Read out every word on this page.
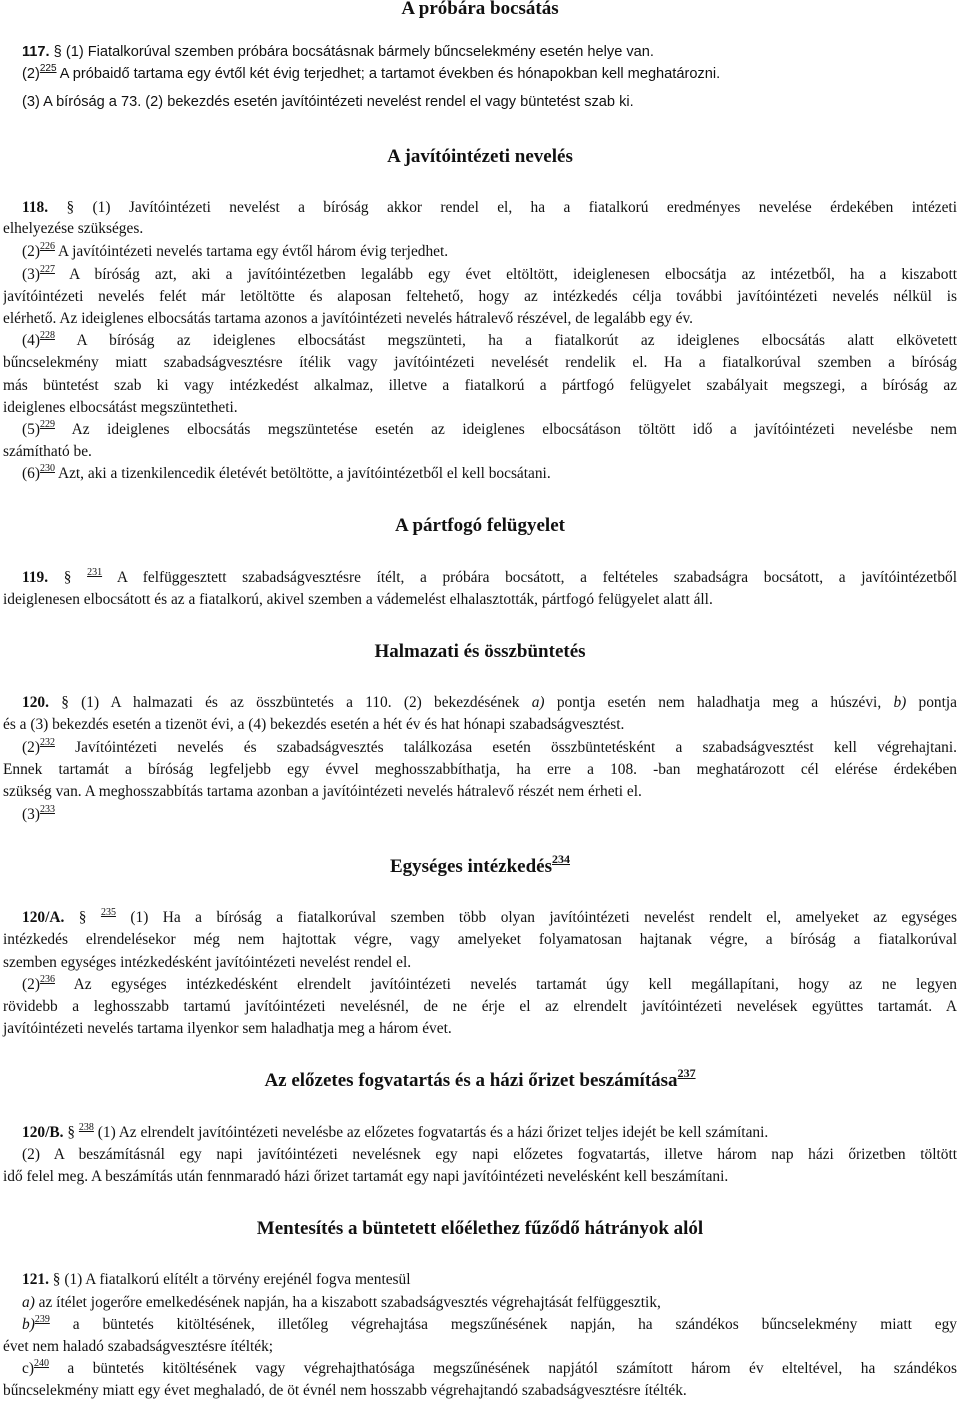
A próbára bocsátás
117. § (1) Fiatalkorúval szemben próbára bocsátásnak bármely bűncselekmény esetén helye van.
$(2)^{225}$ A próbaidő tartama egy évtől két évig terjedhet; a tartamot években és hónapokban kell meghatározni.
(3) A bíróság a 73. (2) bekezdés esetén javítóintézeti nevelést rendel el vagy büntetést szab ki.
A javítóintézeti nevelés
118. § (1) Javítóintézeti nevelést a bíróság akkor rendel el, ha a fiatalkorú eredményes nevelése érdekében intézeti
elhelyezése szükséges.
$(2)^{226}$ A javítóintézeti nevelés tartama egy évtől három évig terjedhet.
$(3)^{227}$ A bíróság azt, aki a javítóintézetben legalább egy évet eltöltött, ideiglenesen elbocsátja az intézetből, ha a kiszabott
javítóintézeti nevelés felét már letöltötte és alaposan feltehető, hogy az intézkedés célja további javítóintézeti nevelés nélkül is
elérhető. Az ideiglenes elbocsátás tartama azonos a javítóintézeti nevelés hátralevő részével, de legalább egy év.
$(4)^{228}$ A bíróság az ideiglenes elbocsátást megszünteti, ha a fiatalkorút az ideiglenes elbocsátás alatt elkövetett
bűncselekmény miatt szabadságvesztésre ítélik vagy javítóintézeti nevelését rendelik el. Ha a fiatalkorúval szemben a bíróság
más büntetést szab ki vagy intézkedést alkalmaz, illetve a fiatalkorú a pártfogó felügyelet szabályait megszegi, a bíróság az
ideiglenes elbocsátást megszüntetheti.
$(5)^{229}$ Az ideiglenes elbocsátás megszüntetése esetén az ideiglenes elbocsátáson töltött idő a javítóintézeti nevelésbe nem
számítható be.
$(6)^{230}$ Azt, aki a tizenkilencedik életévét betöltötte, a javítóintézetből el kell bocsátani.
A pártfogó felügyelet
119. § $^{231}$ A felfüggesztett szabadságvesztésre ítélt, a próbára bocsátott, a feltételes szabadságra bocsátott, a javítóintézetből
ideiglenesen elbocsátott és az a fiatalkorú, akivel szemben a vádemelést elhalasztották, pártfogó felügyelet alatt áll.
Halmazati és összbüntetés
120. § (1) A halmazati és az összbüntetés a 110. (2) bekezdésének a) pontja esetén nem haladhatja meg a húszévi, b) pontja
és a (3) bekezdés esetén a tizenöt évi, a (4) bekezdés esetén a hét év és hat hónapi szabadságvesztést.
$(2)^{232}$ Javítóintézeti nevelés és szabadságvesztés találkozása esetén összbüntetésként a szabadságvesztést kell végrehajtani.
Ennek tartamát a bíróság legfeljebb egy évvel meghosszabbíthatja, ha erre a 108. -ban meghatározott cél elérése érdekében
szükség van. A meghosszabbítás tartama azonban a javítóintézeti nevelés hátralevő részét nem érheti el.
$(3)^{233}$
Egységes intézkedés$^{234}$
120/A. § $^{235}$ (1) Ha a bíróság a fiatalkorúval szemben több olyan javítóintézeti nevelést rendelt el, amelyeket az egységes
intézkedés elrendelésekor még nem hajtottak végre, vagy amelyeket folyamatosan hajtanak végre, a bíróság a fiatalkorúval
szemben egységes intézkedésként javítóintézeti nevelést rendel el.
$(2)^{236}$ Az egységes intézkedésként elrendelt javítóintézeti nevelés tartamát úgy kell megállapítani, hogy az ne legyen
rövidebb a leghosszabb tartamú javítóintézeti nevelésnél, de ne érje el az elrendelt javítóintézeti nevelések együttes tartamát. A
javítóintézeti nevelés tartama ilyenkor sem haladhatja meg a három évet.
Az előzetes fogvatartás és a házi őrizet beszámítása$^{237}$
120/B. § $^{238}$ (1) Az elrendelt javítóintézeti nevelésbe az előzetes fogvatartás és a házi őrizet teljes idejét be kell számítani.
(2) A beszámításnál egy napi javítóintézeti nevelésnek egy napi előzetes fogvatartás, illetve három nap házi őrizetben töltött
idő felel meg. A beszámítás után fennmaradó házi őrizet tartamát egy napi javítóintézeti nevelésként kell beszámítani.
Mentesítés a büntetett előélethez fűződő hátrányok alól
121. § (1) A fiatalkorú elítélt a törvény erejénél fogva mentesül
a) az ítélet jogerőre emelkedésének napján, ha a kiszabott szabadságvesztés végrehajtását felfüggesztik,
b)$^{239}$ a büntetés kitöltésének, illetőleg végrehajtása megszűnésének napján, ha szándékos bűncselekmény miatt egy
évet nem haladó szabadságvesztésre ítélték;
c)$^{240}$ a büntetés kitöltésének vagy végrehajthatósága megszűnésének napjától számított három év elteltével, ha szándékos
bűncselekmény miatt egy évet meghaladó, de öt évnél nem hosszabb végrehajtandó szabadságvesztésre ítélték.
